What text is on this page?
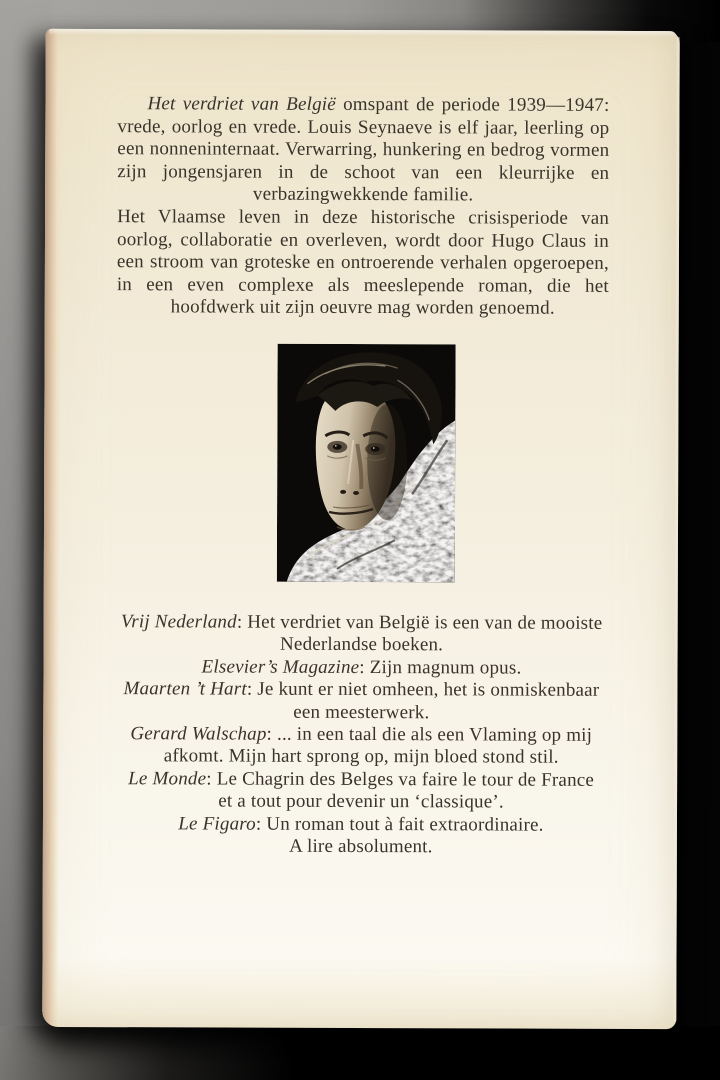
Het verdriet van België omspant de periode 1939—1947: vrede, oorlog en vrede. Louis Seynaeve is elf jaar, leerling op een nonneninternaat. Verwarring, hunkering en bedrog vormen zijn jongensjaren in de schoot van een kleurrijke en verbazingwekkende familie.

Het Vlaamse leven in deze historische crisisperiode van oorlog, collaboratie en overleven, wordt door Hugo Claus in een stroom van groteske en ontroerende verhalen opgeroepen, in een even complexe als meeslepende roman, die het hoofdwerk uit zijn oeuvre mag worden genoemd.

Vrij Nederland: Het verdriet van België is een van de mooiste Nederlandse boeken.

Elsevier’s Magazine: Zijn magnum opus.

Maarten ’t Hart: Je kunt er niet omheen, het is onmiskenbaar een meesterwerk.

Gerard Walschap: ... in een taal die als een Vlaming op mij afkomt. Mijn hart sprong op, mijn bloed stond stil.

Le Monde: Le Chagrin des Belges va faire le tour de France et a tout pour devenir un ‘classique’.

Le Figaro: Un roman tout à fait extraordinaire.
A lire absolument.
